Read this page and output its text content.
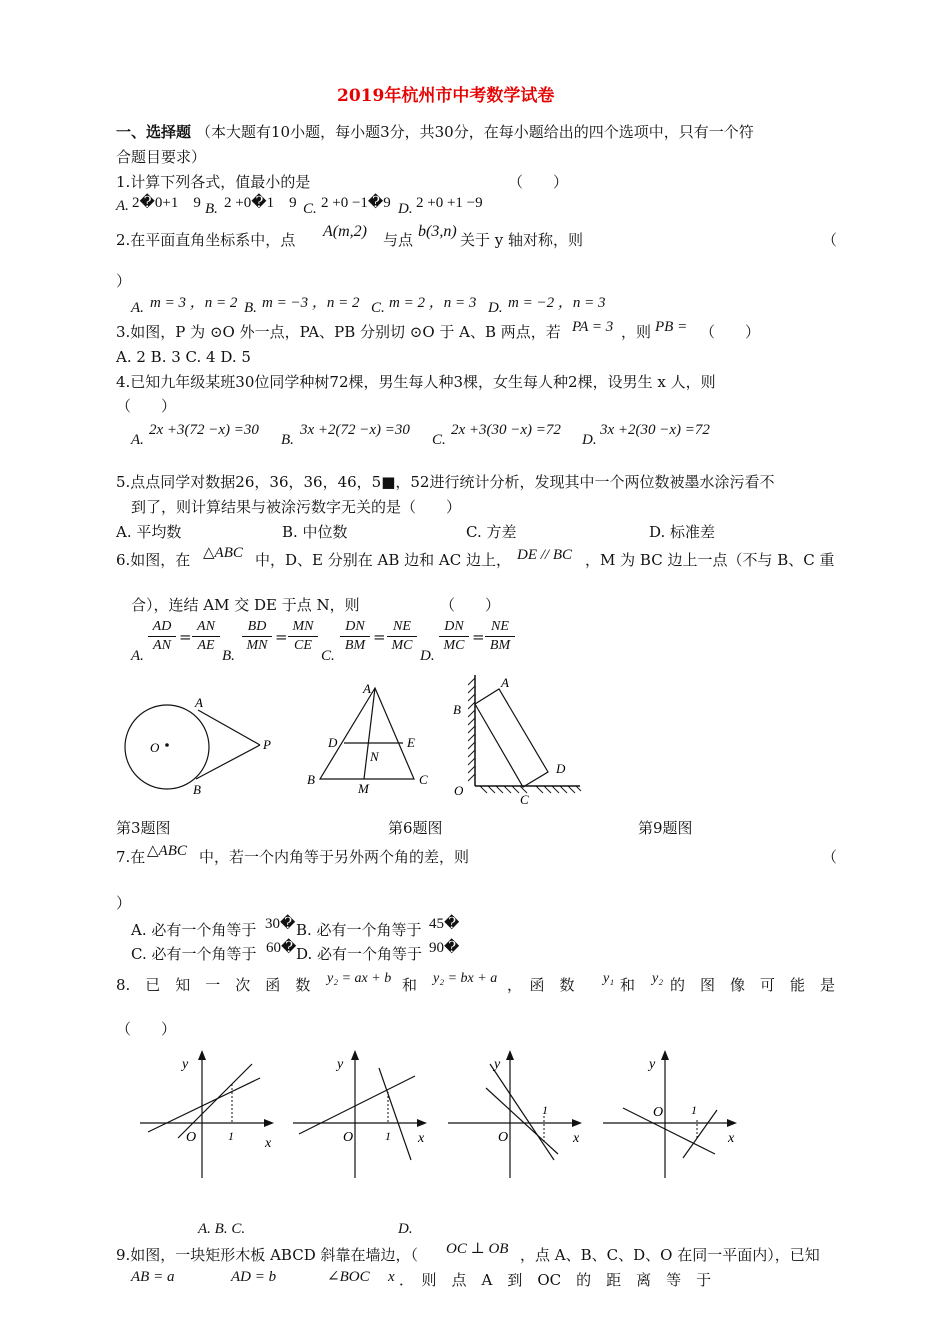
2019年杭州市中考数学试卷
一、选择题 （本大题有10小题，每小题3分，共30分，在每小题给出的四个选项中，只有一个符
合题目要求）
1.计算下列各式，值最小的是	（　　）
A. 2�0+1　9 B. 2 +0�1　9 C. 2 +0 −1�9 D. 2 +0 +1 −9
2.在平面直角坐标系中，点 A(m,2) 与点 b(3,n) 关于 y 轴对称，则	（
）
A. m = 3 ，n = 2 B. m = −3 ，n = 2 C. m = 2 ，n = 3 D. m = −2 ，n = 3
3.如图，P 为 ⊙O 外一点，PA、PB 分别切 ⊙O 于 A、B 两点，若 PA = 3 ，则 PB = （　　）
A. 2 B. 3 C. 4 D. 5
4.已知九年级某班30位同学种树72棵，男生每人种3棵，女生每人种2棵，设男生 x 人，则
（　　）
A.
2x +3(72 −x) =30
B.
3x +2(72 −x) =30
C.
2x +3(30 −x) =72
D.
3x +2(30 −x) =72
5.点点同学对数据26，36，36，46，5■，52进行统计分析，发现其中一个两位数被墨水涂污看不
到了，则计算结果与被涂污数字无关的是（　　）
A. 平均数	B. 中位数	C. 方差	D. 标准差
6.如图，在 △ABC 中，D、E 分别在 AB 边和 AC 边上， DE // BC ，M 为 BC 边上一点（不与 B、C 重
合），连结 AM 交 DE 于点 N，则	（　　）
A.
$\frac{AD}{AN} = \frac{AN}{AE}$
B.
$\frac{BD}{MN} = \frac{MN}{CE}$
C.
$\frac{DN}{BM} = \frac{NE}{MC}$
D.
$\frac{DN}{MC} = \frac{NE}{BM}$
A
B
O	P
A
B	C
D	E
M
N
A
B
C
D
O
第3题图	第6题图	第9题图
7.在 △ABC 中，若一个内角等于另外两个角的差，则	（
）
A. 必有一个角等于 30� B. 必有一个角等于 45�
C. 必有一个角等于 60� D. 必有一个角等于 90�
8.　已　知　一　次　函　数 y₂ = ax + b 和 y₂ = bx + a ，　函　数 y₁ 和 y₂ 的　图　像　可　能　是
（　　）
y
x
O	1
y
x
O	1
y
x
O
1
y
x
O 1
A. B. C.	D.
9.如图，一块矩形木板 ABCD 斜靠在墙边，（ OC ⊥ OB ，点 A、B、C、D、O 在同一平面内），已知
AB = a	AD = b	∠BOC x ．　则　点　A　到　OC　的　距　离　等　于
